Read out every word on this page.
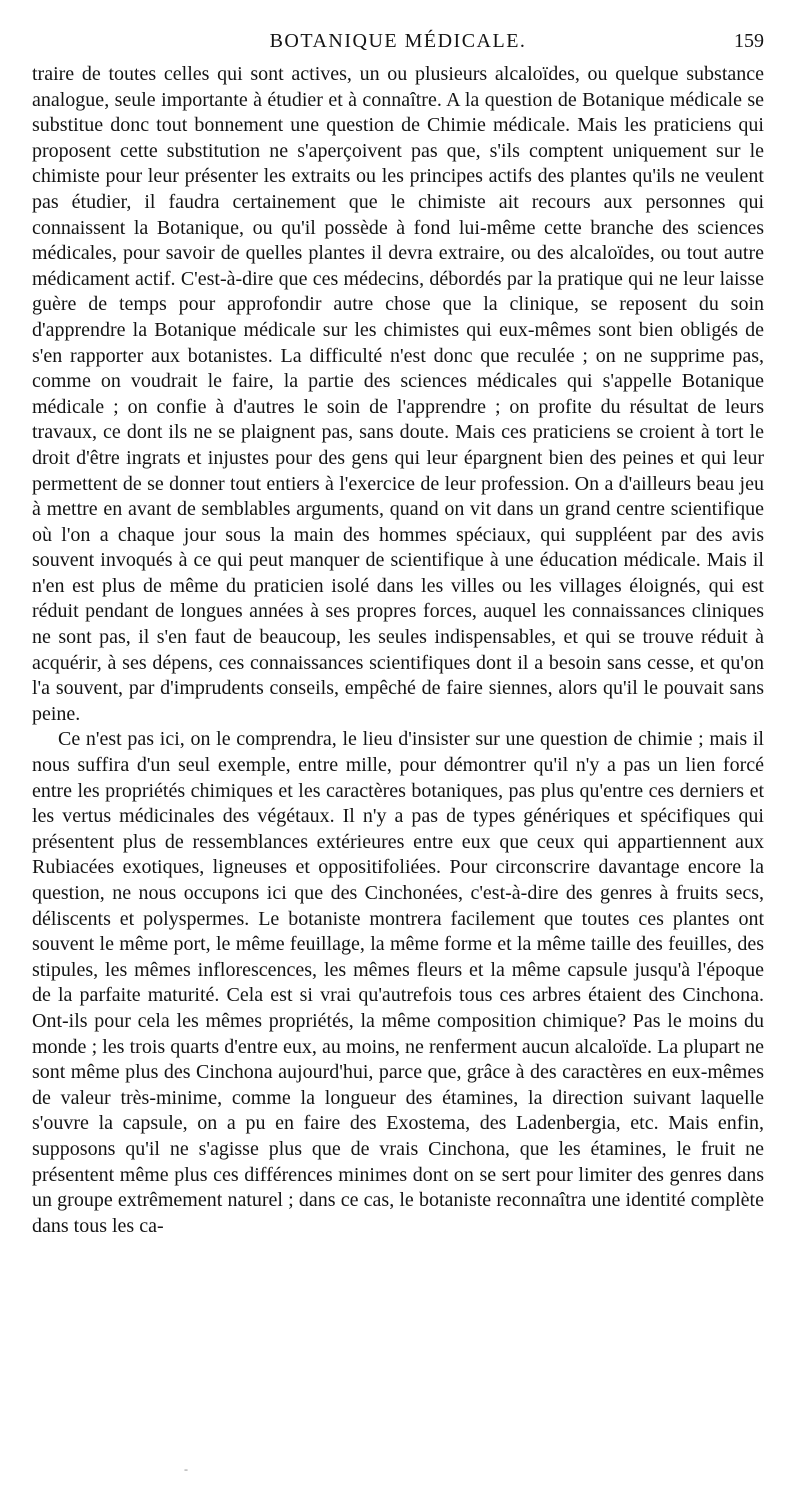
BOTANIQUE MÉDICALE.	159

traire de toutes celles qui sont actives, un ou plusieurs alcaloïdes, ou quelque substance analogue, seule importante à étudier et à connaître. A la question de Botanique médicale se substitue donc tout bonnement une question de Chimie médicale. Mais les praticiens qui proposent cette substitution ne s'aperçoivent pas que, s'ils comptent uniquement sur le chimiste pour leur présenter les extraits ou les principes actifs des plantes qu'ils ne veulent pas étudier, il faudra certainement que le chimiste ait recours aux personnes qui connaissent la Botanique, ou qu'il possède à fond lui-même cette branche des sciences médicales, pour savoir de quelles plantes il devra extraire, ou des alcaloïdes, ou tout autre médicament actif. C'est-à-dire que ces médecins, débordés par la pratique qui ne leur laisse guère de temps pour approfondir autre chose que la clinique, se reposent du soin d'apprendre la Botanique médicale sur les chimistes qui eux-mêmes sont bien obligés de s'en rapporter aux botanistes. La difficulté n'est donc que reculée ; on ne supprime pas, comme on voudrait le faire, la partie des sciences médicales qui s'appelle Botanique médicale ; on confie à d'autres le soin de l'apprendre ; on profite du résultat de leurs travaux, ce dont ils ne se plaignent pas, sans doute. Mais ces praticiens se croient à tort le droit d'être ingrats et injustes pour des gens qui leur épargnent bien des peines et qui leur permettent de se donner tout entiers à l'exercice de leur profession. On a d'ailleurs beau jeu à mettre en avant de semblables arguments, quand on vit dans un grand centre scientifique où l'on a chaque jour sous la main des hommes spéciaux, qui suppléent par des avis souvent invoqués à ce qui peut manquer de scientifique à une éducation médicale. Mais il n'en est plus de même du praticien isolé dans les villes ou les villages éloignés, qui est réduit pendant de longues années à ses propres forces, auquel les connaissances cliniques ne sont pas, il s'en faut de beaucoup, les seules indispensables, et qui se trouve réduit à acquérir, à ses dépens, ces connaissances scientifiques dont il a besoin sans cesse, et qu'on l'a souvent, par d'imprudents conseils, empêché de faire siennes, alors qu'il le pouvait sans peine.

Ce n'est pas ici, on le comprendra, le lieu d'insister sur une question de chimie ; mais il nous suffira d'un seul exemple, entre mille, pour démontrer qu'il n'y a pas un lien forcé entre les propriétés chimiques et les caractères botaniques, pas plus qu'entre ces derniers et les vertus médicinales des végétaux. Il n'y a pas de types génériques et spécifiques qui présentent plus de ressemblances extérieures entre eux que ceux qui appartiennent aux Rubiacées exotiques, ligneuses et oppositifoliées. Pour circonscrire davantage encore la question, ne nous occupons ici que des Cinchonées, c'est-à-dire des genres à fruits secs, déliscents et polyspermes. Le botaniste montrera facilement que toutes ces plantes ont souvent le même port, le même feuillage, la même forme et la même taille des feuilles, des stipules, les mêmes inflorescences, les mêmes fleurs et la même capsule jusqu'à l'époque de la parfaite maturité. Cela est si vrai qu'autrefois tous ces arbres étaient des Cinchona. Ont-ils pour cela les mêmes propriétés, la même composition chimique? Pas le moins du monde ; les trois quarts d'entre eux, au moins, ne renferment aucun alcaloïde. La plupart ne sont même plus des Cinchona aujourd'hui, parce que, grâce à des caractères en eux-mêmes de valeur très-minime, comme la longueur des étamines, la direction suivant laquelle s'ouvre la capsule, on a pu en faire des Exostema, des Ladenbergia, etc. Mais enfin, supposons qu'il ne s'agisse plus que de vrais Cinchona, que les étamines, le fruit ne présentent même plus ces différences minimes dont on se sert pour limiter des genres dans un groupe extrêmement naturel ; dans ce cas, le botaniste reconnaîtra une identité complète dans tous les ca-

-
